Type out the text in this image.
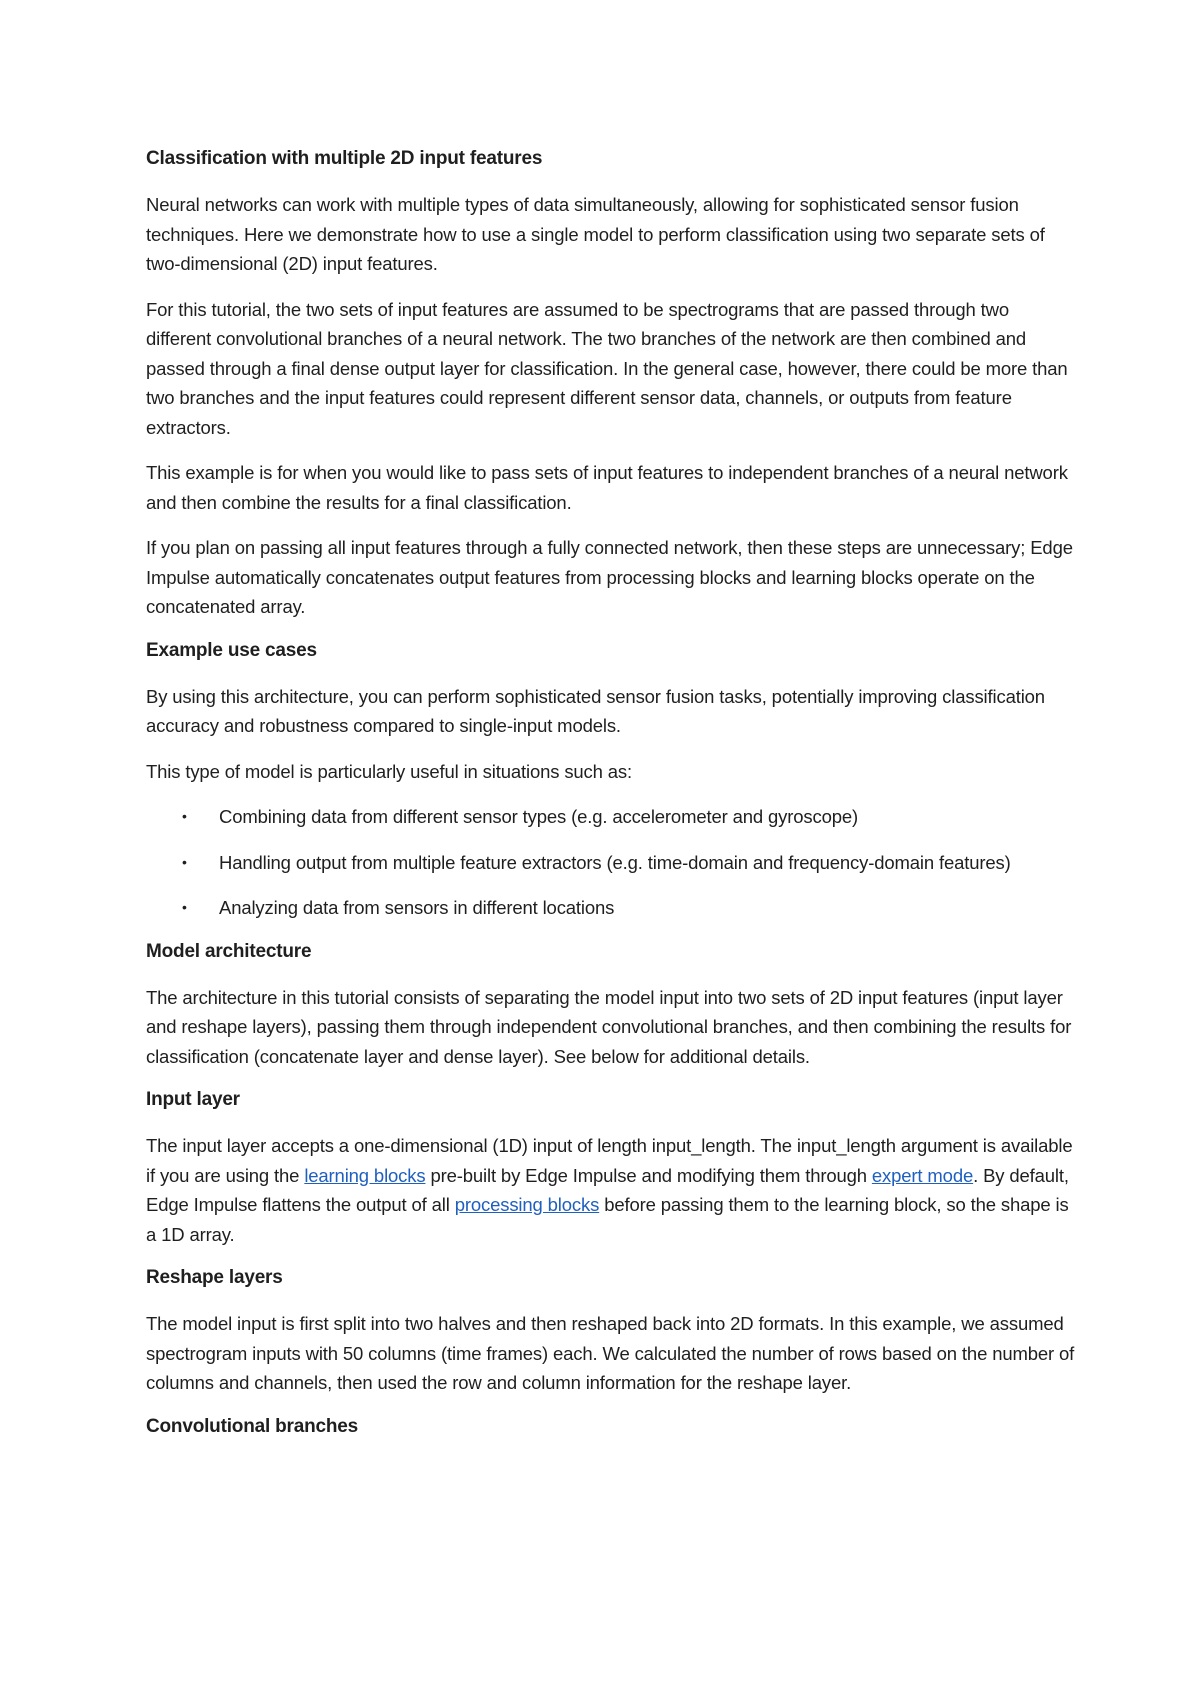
Classification with multiple 2D input features

Neural networks can work with multiple types of data simultaneously, allowing for sophisticated sensor fusion techniques. Here we demonstrate how to use a single model to perform classification using two separate sets of two-dimensional (2D) input features.

For this tutorial, the two sets of input features are assumed to be spectrograms that are passed through two different convolutional branches of a neural network. The two branches of the network are then combined and passed through a final dense output layer for classification. In the general case, however, there could be more than two branches and the input features could represent different sensor data, channels, or outputs from feature extractors.

This example is for when you would like to pass sets of input features to independent branches of a neural network and then combine the results for a final classification.

If you plan on passing all input features through a fully connected network, then these steps are unnecessary; Edge Impulse automatically concatenates output features from processing blocks and learning blocks operate on the concatenated array.

Example use cases

By using this architecture, you can perform sophisticated sensor fusion tasks, potentially improving classification accuracy and robustness compared to single-input models.

This type of model is particularly useful in situations such as:

• Combining data from different sensor types (e.g. accelerometer and gyroscope)
• Handling output from multiple feature extractors (e.g. time-domain and frequency-domain features)
• Analyzing data from sensors in different locations
Model architecture

The architecture in this tutorial consists of separating the model input into two sets of 2D input features (input layer and reshape layers), passing them through independent convolutional branches, and then combining the results for classification (concatenate layer and dense layer). See below for additional details.

Input layer

The input layer accepts a one-dimensional (1D) input of length input_length. The input_length argument is available if you are using the learning blocks pre-built by Edge Impulse and modifying them through expert mode. By default, Edge Impulse flattens the output of all processing blocks before passing them to the learning block, so the shape is a 1D array.

Reshape layers

The model input is first split into two halves and then reshaped back into 2D formats. In this example, we assumed spectrogram inputs with 50 columns (time frames) each. We calculated the number of rows based on the number of columns and channels, then used the row and column information for the reshape layer.

Convolutional branches
